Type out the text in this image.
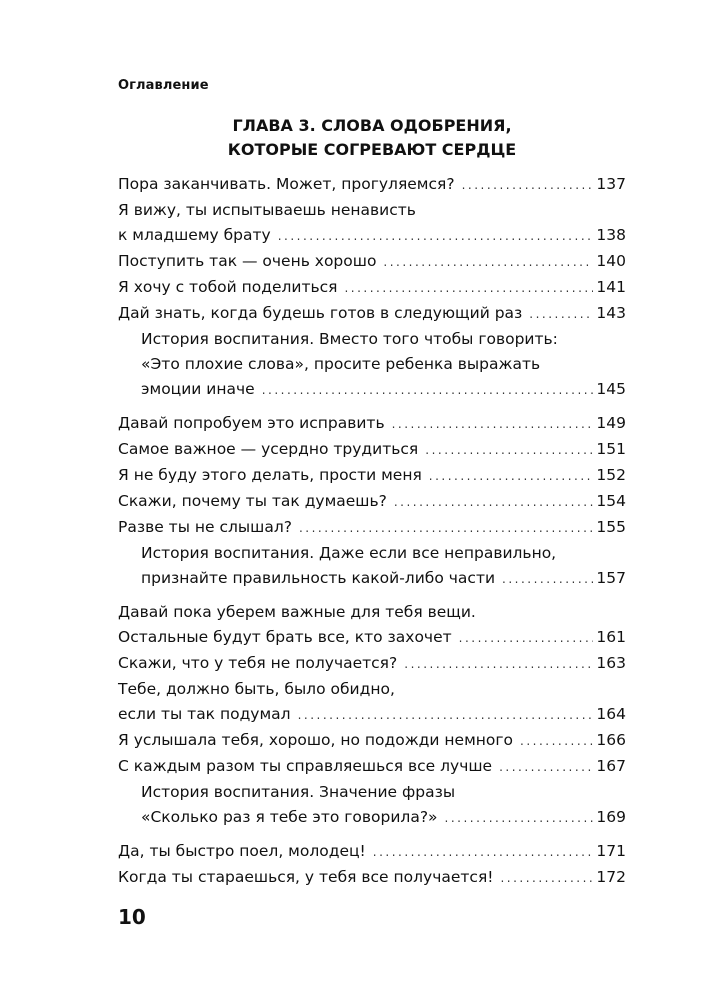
Оглавление
ГЛАВА 3. СЛОВА ОДОБРЕНИЯ,
КОТОРЫЕ СОГРЕВАЮТ СЕРДЦЕ
Пора заканчивать. Может, прогуляемся? .....	137
Я вижу, ты испытываешь ненависть
к младшему брату .....	138
Поступить так — очень хорошо .....	140
Я хочу с тобой поделиться .....	141
Дай знать, когда будешь готов в следующий раз .....	143
История воспитания. Вместо того чтобы говорить:
«Это плохие слова», просите ребенка выражать
эмоции иначе .....	145
Давай попробуем это исправить .....	149
Самое важное — усердно трудиться .....	151
Я не буду этого делать, прости меня .....	152
Скажи, почему ты так думаешь? .....	154
Разве ты не слышал? .....	155
История воспитания. Даже если все неправильно,
признайте правильность какой-либо части .....	157
Давай пока уберем важные для тебя вещи.
Остальные будут брать все, кто захочет .....	161
Скажи, что у тебя не получается? .....	163
Тебе, должно быть, было обидно,
если ты так подумал .....	164
Я услышала тебя, хорошо, но подожди немного .....	166
С каждым разом ты справляешься все лучше .....	167
История воспитания. Значение фразы
«Сколько раз я тебе это говорила?» .....	169
Да, ты быстро поел, молодец! .....	171
Когда ты стараешься, у тебя все получается! .....	172
10
